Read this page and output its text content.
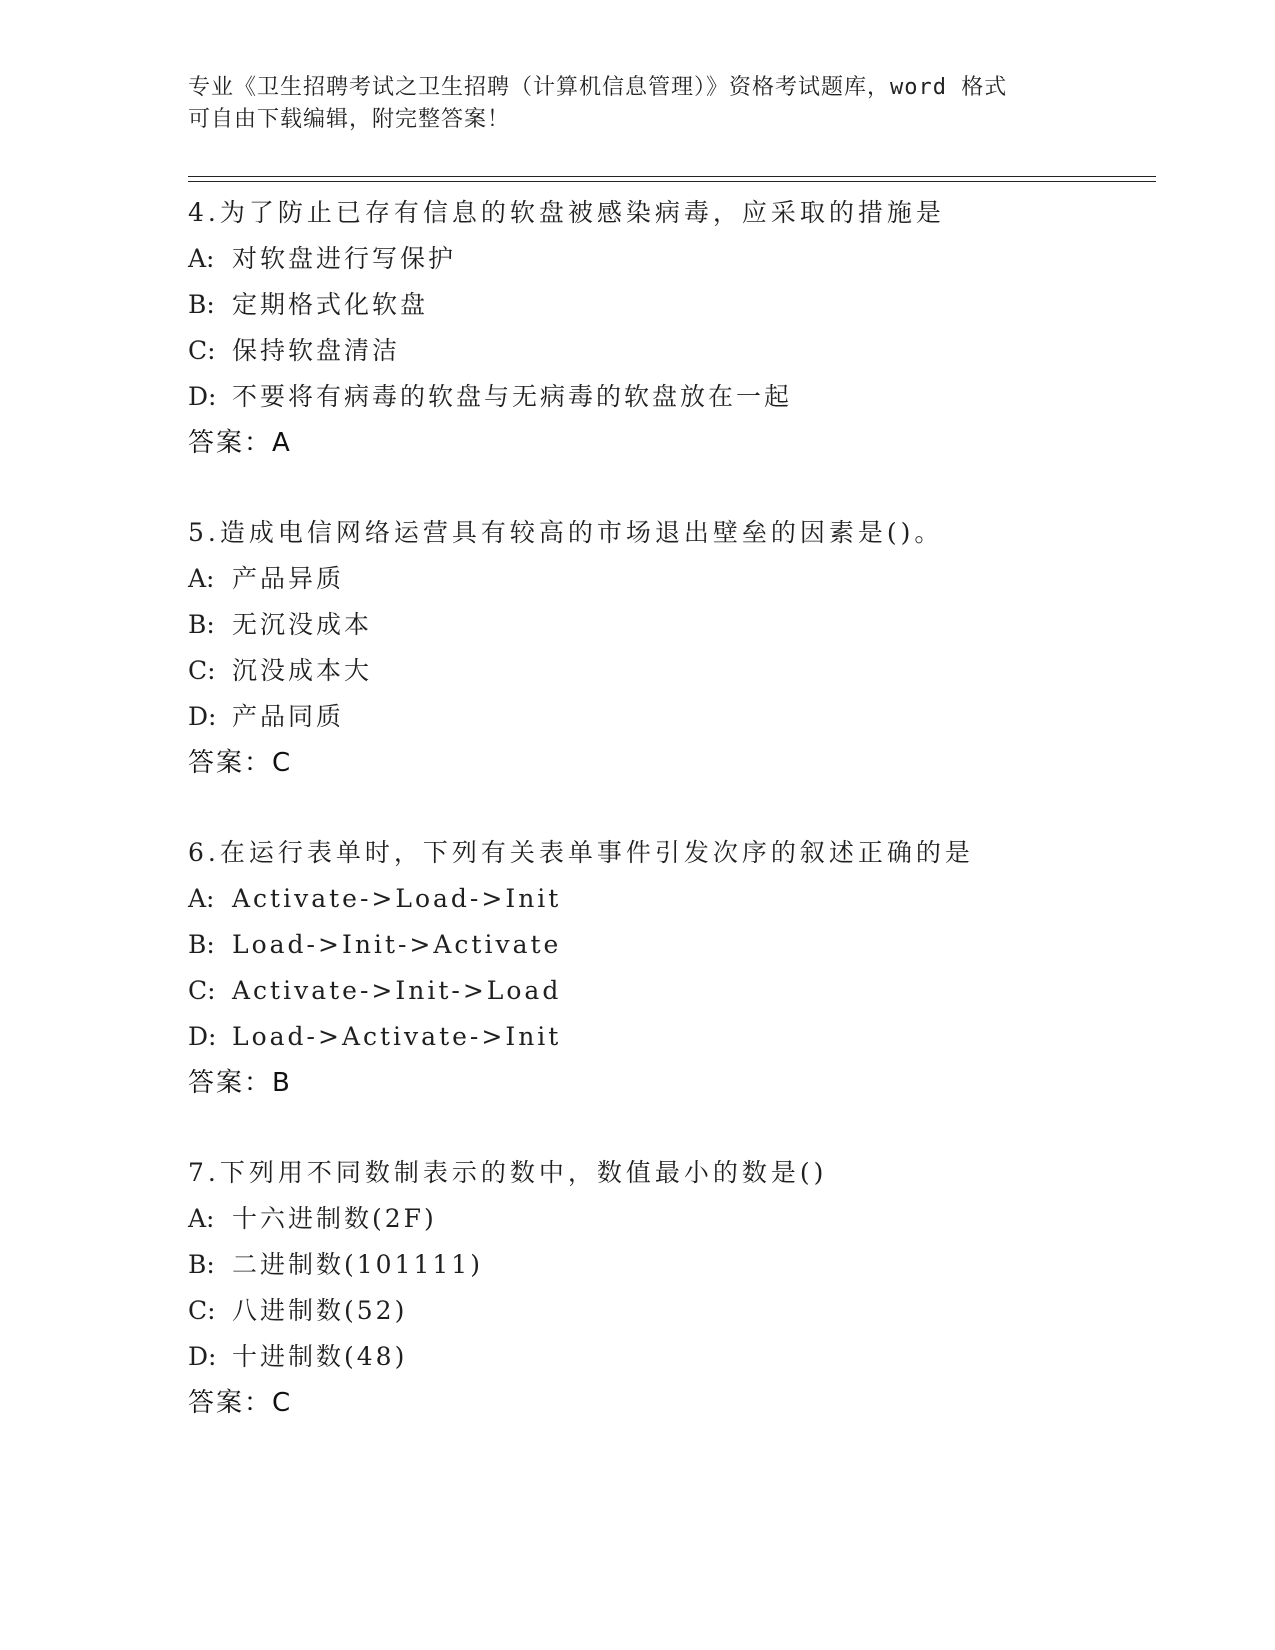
专业《卫生招聘考试之卫生招聘（计算机信息管理）》资格考试题库，word 格式
可自由下载编辑，附完整答案！
4.为了防止已存有信息的软盘被感染病毒，应采取的措施是
A: 对软盘进行写保护
B: 定期格式化软盘
C: 保持软盘清洁
D: 不要将有病毒的软盘与无病毒的软盘放在一起
答案：A
5.造成电信网络运营具有较高的市场退出壁垒的因素是()。
A: 产品异质
B: 无沉没成本
C: 沉没成本大
D: 产品同质
答案：C
6.在运行表单时，下列有关表单事件引发次序的叙述正确的是
A: Activate->Load->Init
B: Load->Init->Activate
C: Activate->Init->Load
D: Load->Activate->Init
答案：B
7.下列用不同数制表示的数中，数值最小的数是()
A: 十六进制数(2F)
B: 二进制数(101111)
C: 八进制数(52)
D: 十进制数(48)
答案：C
